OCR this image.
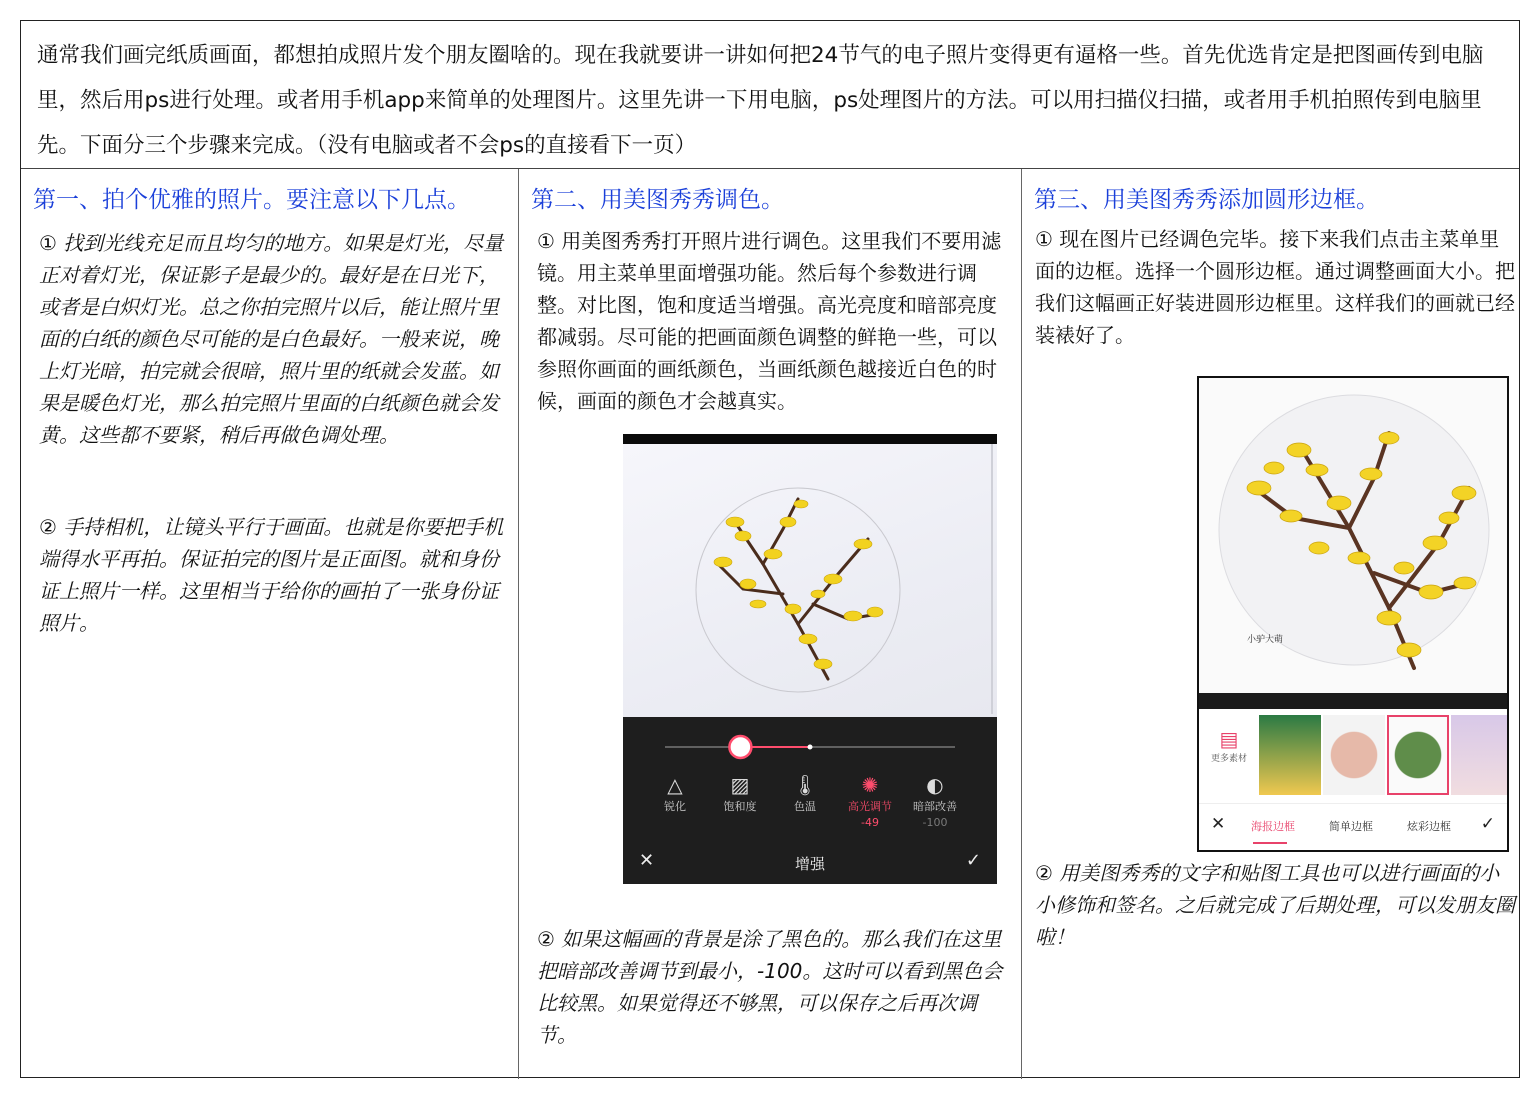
通常我们画完纸质画面，都想拍成照片发个朋友圈啥的。现在我就要讲一讲如何把24节气的电子照片变得更有逼格一些。首先优选肯定是把图画传到电脑里，然后用ps进行处理。或者用手机app来简单的处理图片。这里先讲一下用电脑，ps处理图片的方法。可以用扫描仪扫描，或者用手机拍照传到电脑里先。下面分三个步骤来完成。（没有电脑或者不会ps的直接看下一页）
第一、拍个优雅的照片。要注意以下几点。
① 找到光线充足而且均匀的地方。如果是灯光，尽量正对着灯光，保证影子是最少的。最好是在日光下，或者是白炽灯光。总之你拍完照片以后，能让照片里面的白纸的颜色尽可能的是白色最好。一般来说，晚上灯光暗，拍完就会很暗，照片里的纸就会发蓝。如果是暖色灯光，那么拍完照片里面的白纸颜色就会发黄。这些都不要紧，稍后再做色调处理。
② 手持相机，让镜头平行于画面。也就是你要把手机端得水平再拍。保证拍完的图片是正面图。就和身份证上照片一样。这里相当于给你的画拍了一张身份证照片。
第二、用美图秀秀调色。
① 用美图秀秀打开照片进行调色。这里我们不要用滤镜。用主菜单里面增强功能。然后每个参数进行调整。对比图，饱和度适当增强。高光亮度和暗部亮度都减弱。尽可能的把画面颜色调整的鲜艳一些，可以参照你画面的画纸颜色，当画纸颜色越接近白色的时候，画面的颜色才会越真实。
△
锐化
▨
饱和度
🌡
色温
✺
高光调节
-49
◐
暗部改善
-100
✕	增强	✓
② 如果这幅画的背景是涂了黑色的。那么我们在这里把暗部改善调节到最小，-100。这时可以看到黑色会比较黑。如果觉得还不够黑，可以保存之后再次调节。
第三、用美图秀秀添加圆形边框。
① 现在图片已经调色完毕。接下来我们点击主菜单里面的边框。选择一个圆形边框。通过调整画面大小。把我们这幅画正好装进圆形边框里。这样我们的画就已经装裱好了。
小驴大萌
▤
更多素材
✕ 海报边框	简单边框	炫彩边框 ✓
② 用美图秀秀的文字和贴图工具也可以进行画面的小小修饰和签名。之后就完成了后期处理，可以发朋友圈啦！
